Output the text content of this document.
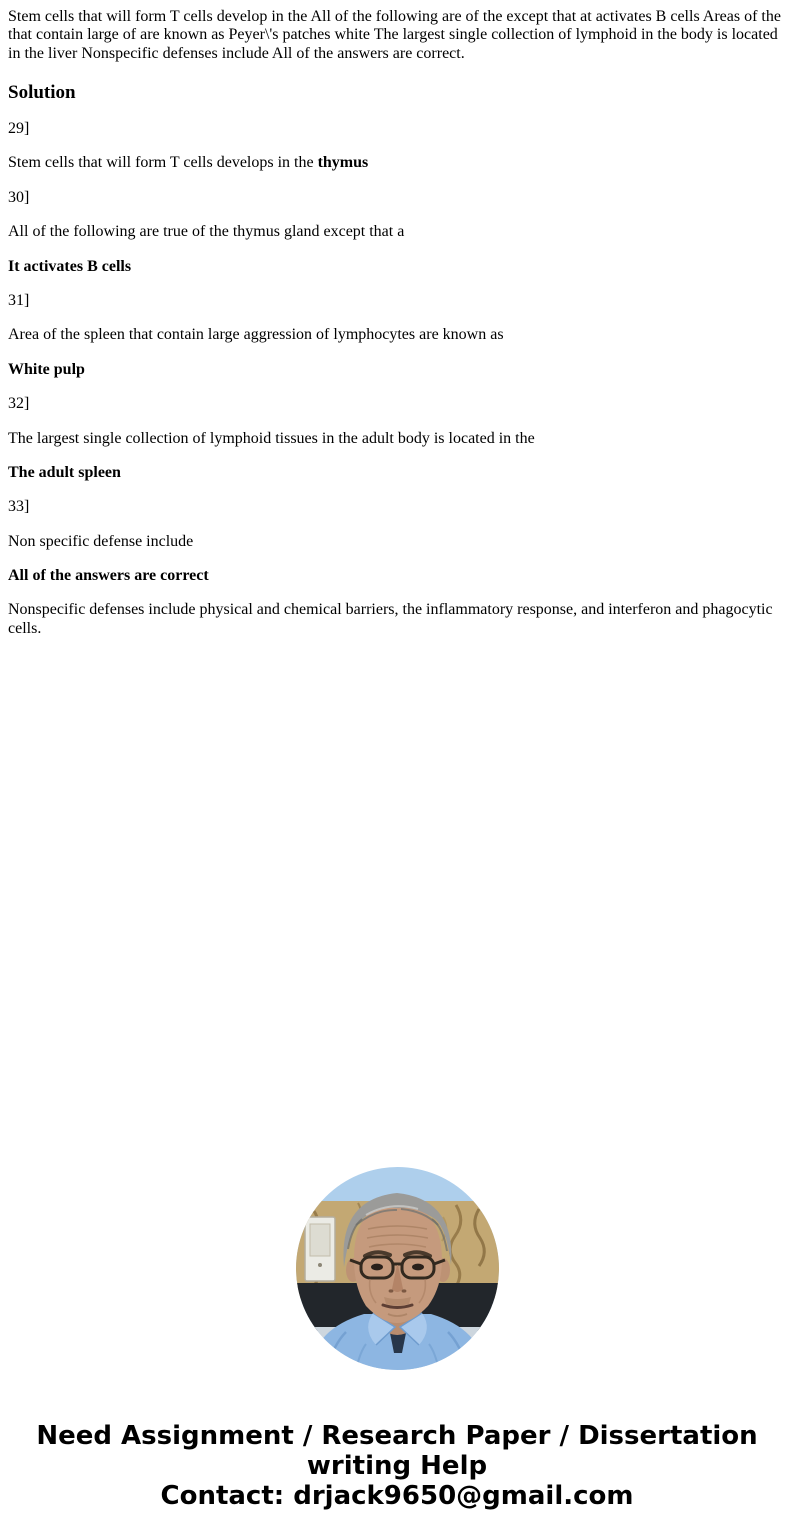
Stem cells that will form T cells develop in the All of the following are of the except that at activates B cells Areas of the that contain large of are known as Peyer\'s patches white The largest single collection of lymphoid in the body is located in the liver Nonspecific defenses include All of the answers are correct.

Solution

29]

Stem cells that will form T cells develops in the thymus

30]

All of the following are true of the thymus gland except that a

It activates B cells

31]

Area of the spleen that contain large aggression of lymphocytes are known as

White pulp

32]

The largest single collection of lymphoid tissues in the adult body is located in the

The adult spleen

33]

Non specific defense include

All of the answers are correct

Nonspecific defenses include physical and chemical barriers, the inflammatory response, and interferon and phagocytic cells.

Need Assignment / Research Paper / Dissertation
writing Help
Contact: drjack9650@gmail.com
